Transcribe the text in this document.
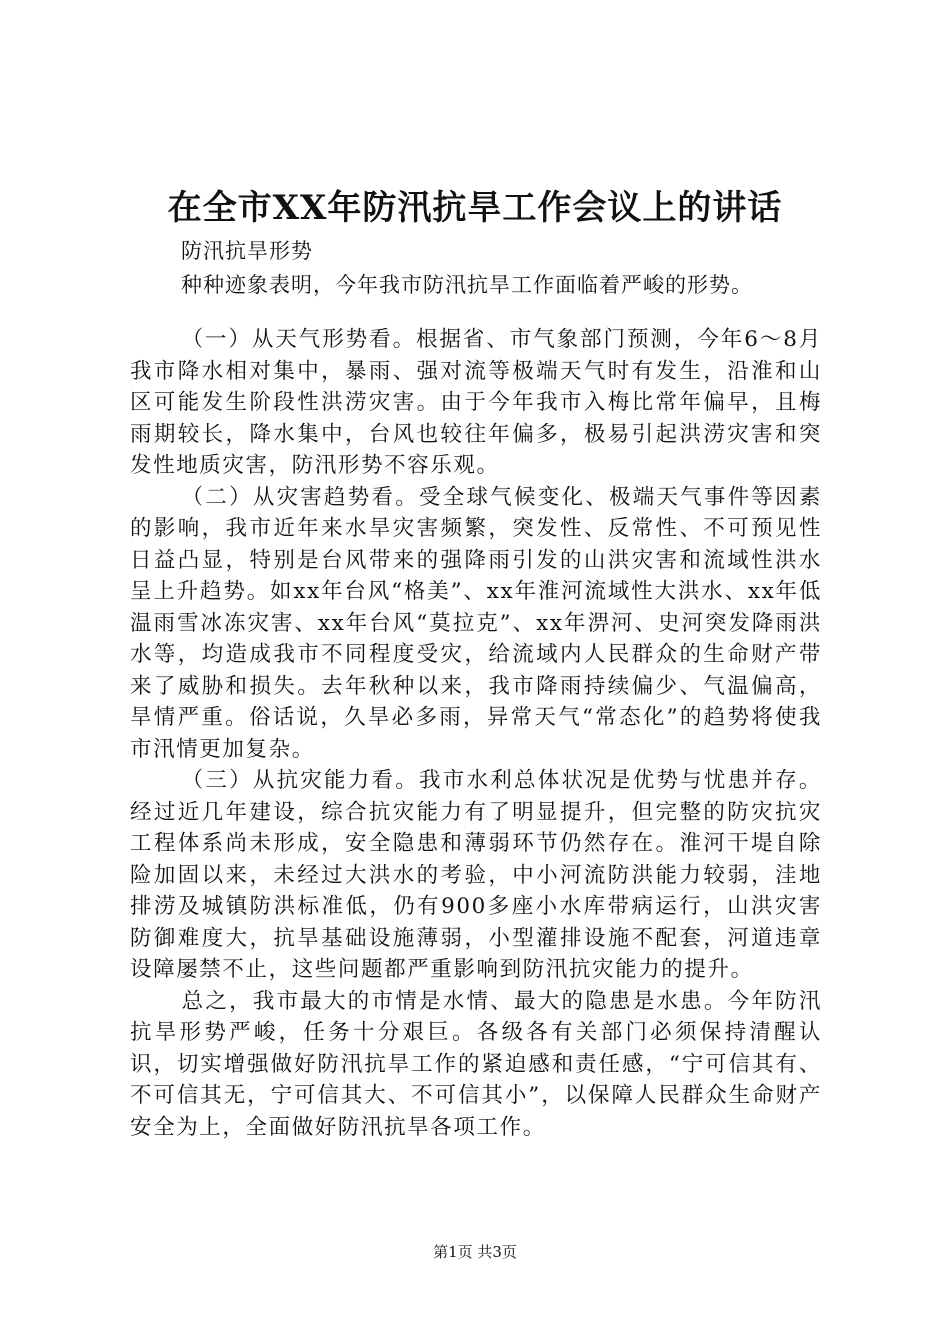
在全市XX年防汛抗旱工作会议上的讲话

防汛抗旱形势

种种迹象表明，今年我市防汛抗旱工作面临着严峻的形势。

（一）从天气形势看。根据省、市气象部门预测，今年6～8月我市降水相对集中，暴雨、强对流等极端天气时有发生，沿淮和山区可能发生阶段性洪涝灾害。由于今年我市入梅比常年偏早，且梅雨期较长，降水集中，台风也较往年偏多，极易引起洪涝灾害和突发性地质灾害，防汛形势不容乐观。

（二）从灾害趋势看。受全球气候变化、极端天气事件等因素的影响，我市近年来水旱灾害频繁，突发性、反常性、不可预见性日益凸显，特别是台风带来的强降雨引发的山洪灾害和流域性洪水呈上升趋势。如xx年台风“格美”、xx年淮河流域性大洪水、xx年低温雨雪冰冻灾害、xx年台风“莫拉克”、xx年淠河、史河突发降雨洪水等，均造成我市不同程度受灾，给流域内人民群众的生命财产带来了威胁和损失。去年秋种以来，我市降雨持续偏少、气温偏高，旱情严重。俗话说，久旱必多雨，异常天气“常态化”的趋势将使我市汛情更加复杂。

（三）从抗灾能力看。我市水利总体状况是优势与忧患并存。经过近几年建设，综合抗灾能力有了明显提升，但完整的防灾抗灾工程体系尚未形成，安全隐患和薄弱环节仍然存在。淮河干堤自除险加固以来，未经过大洪水的考验，中小河流防洪能力较弱，洼地排涝及城镇防洪标准低，仍有900多座小水库带病运行，山洪灾害防御难度大，抗旱基础设施薄弱，小型灌排设施不配套，河道违章设障屡禁不止，这些问题都严重影响到防汛抗灾能力的提升。

总之，我市最大的市情是水情、最大的隐患是水患。今年防汛抗旱形势严峻，任务十分艰巨。各级各有关部门必须保持清醒认识，切实增强做好防汛抗旱工作的紧迫感和责任感，“宁可信其有、不可信其无，宁可信其大、不可信其小”，以保障人民群众生命财产安全为上，全面做好防汛抗旱各项工作。

第1页 共3页
